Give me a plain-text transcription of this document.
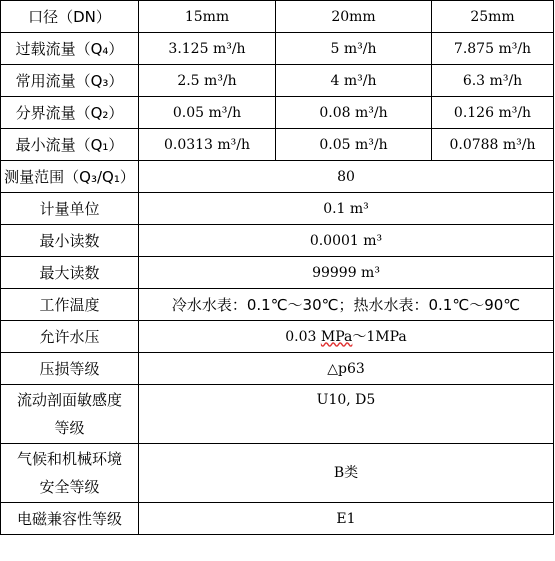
口径（DN）	15mm	20mm	25mm
过载流量（Q₄）	3.125 m³/h	5 m³/h	7.875 m³/h
常用流量（Q₃）	2.5 m³/h	4 m³/h	6.3 m³/h
分界流量（Q₂）	0.05 m³/h	0.08 m³/h	0.126 m³/h
最小流量（Q₁）	0.0313 m³/h	0.05 m³/h	0.0788 m³/h
测量范围（Q₃/Q₁）	80		
计量单位	0.1 m³		
最小读数	0.0001 m³		
最大读数	99999 m³		
工作温度	冷水水表：0.1℃～30℃；热水水表：0.1℃～90℃		
允许水压	0.03 MPa～1MPa		
压损等级	△p63		

流动剖面敏感度
等级	U10, D5		

气候和机械环境
安全等级	B类		
电磁兼容性等级	E1		
